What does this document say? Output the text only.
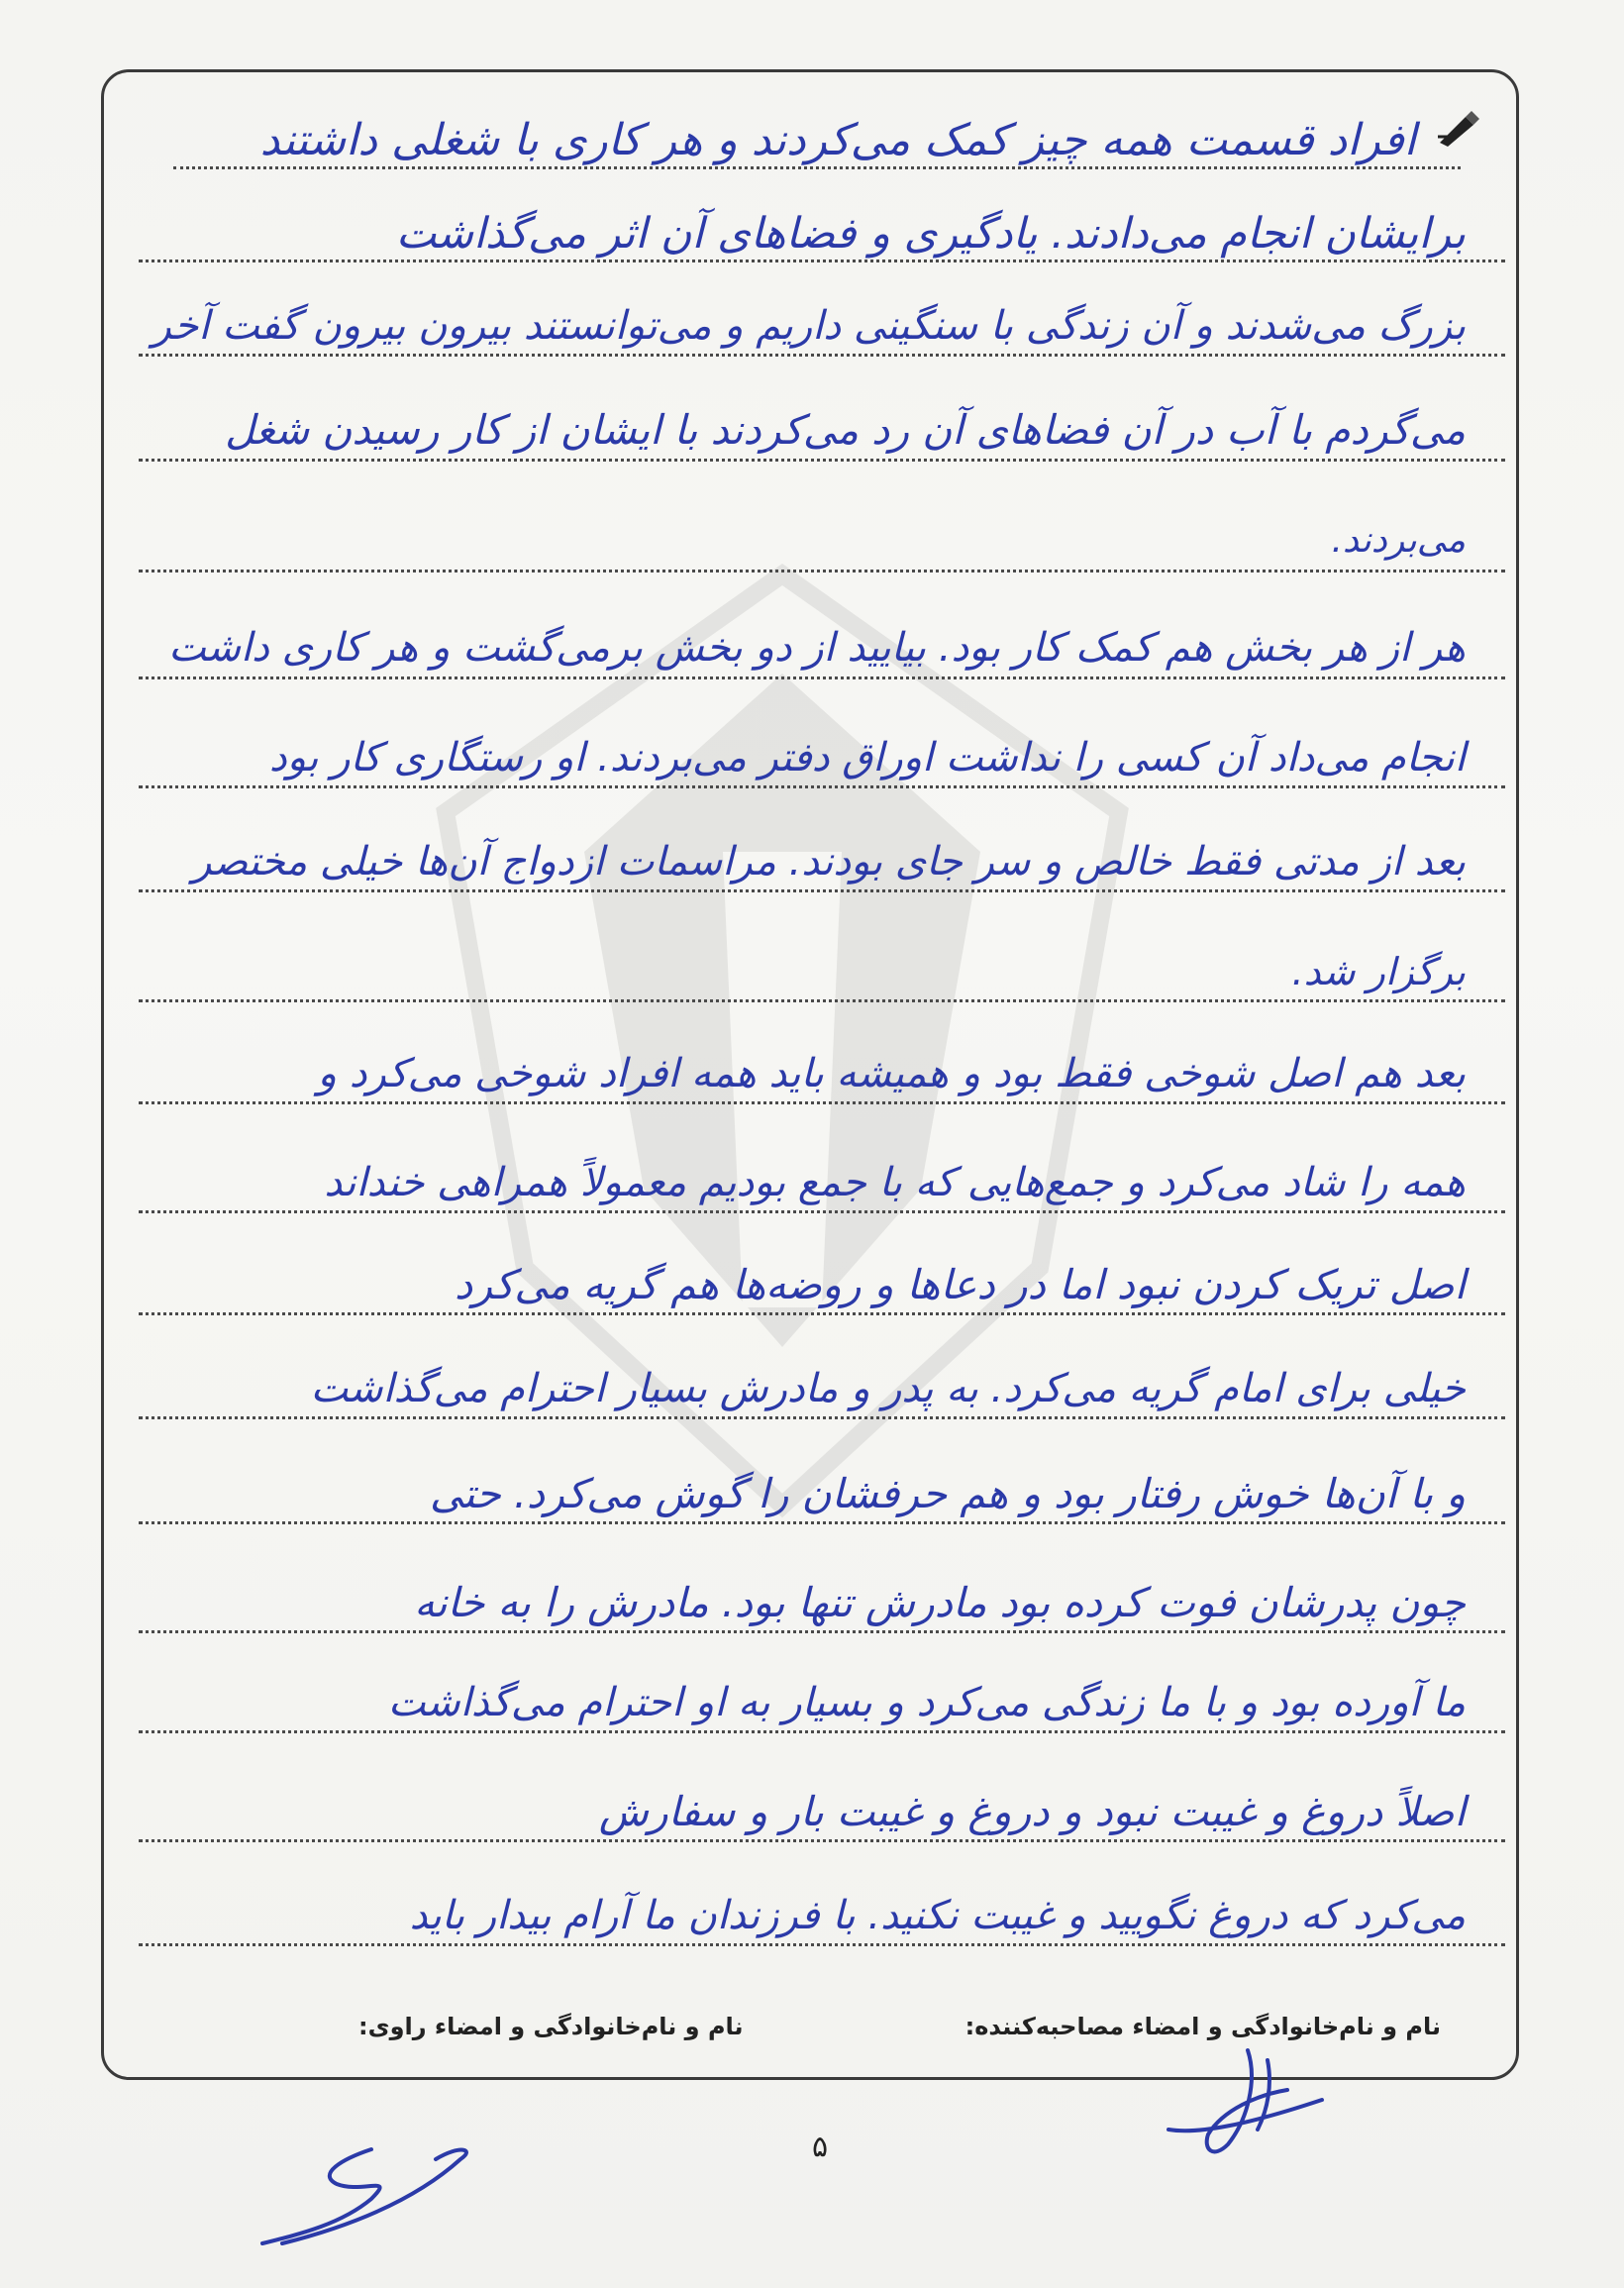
افراد قسمت همه چیز کمک می‌کردند و هر کاری با شغلی داشتند
برایشان انجام می‌دادند. یادگیری و فضاهای آن اثر می‌گذاشت
بزرگ می‌شدند و آن زندگی با سنگینی داریم و می‌توانستند بیرون بیرون گفت آخر
می‌گردم با آب در آن فضاهای آن رد می‌کردند با ایشان از کار رسیدن شغل
می‌بردند.
هر از هر بخش هم کمک کار بود. بیایید از دو بخش برمی‌گشت و هر کاری داشت
انجام می‌داد آن کسی را نداشت اوراق دفتر می‌بردند. او رستگاری کار بود
بعد از مدتی فقط خالص و سر جای بودند. مراسمات ازدواج آن‌ها خیلی مختصر
برگزار شد.
بعد هم اصل شوخی فقط بود و همیشه باید همه افراد شوخی می‌کرد و
همه را شاد می‌کرد و جمع‌هایی که با جمع بودیم معمولاً همراهی خنداند
اصل تریک کردن نبود اما در دعاها و روضه‌ها هم گریه می‌کرد
خیلی برای امام گریه می‌کرد. به پدر و مادرش بسیار احترام می‌گذاشت
و با آن‌ها خوش رفتار بود و هم حرفشان را گوش می‌کرد. حتی
چون پدرشان فوت کرده بود مادرش تنها بود. مادرش را به خانه
ما آورده بود و با ما زندگی می‌کرد و بسیار به او احترام می‌گذاشت
اصلاً دروغ و غیبت نبود و دروغ و غیبت بار و سفارش
می‌کرد که دروغ نگویید و غیبت نکنید. با فرزندان ما آرام بیدار باید
نام و نام‌خانوادگی و امضاء مصاحبه‌کننده:
نام و نام‌خانوادگی و امضاء راوی:
۵
